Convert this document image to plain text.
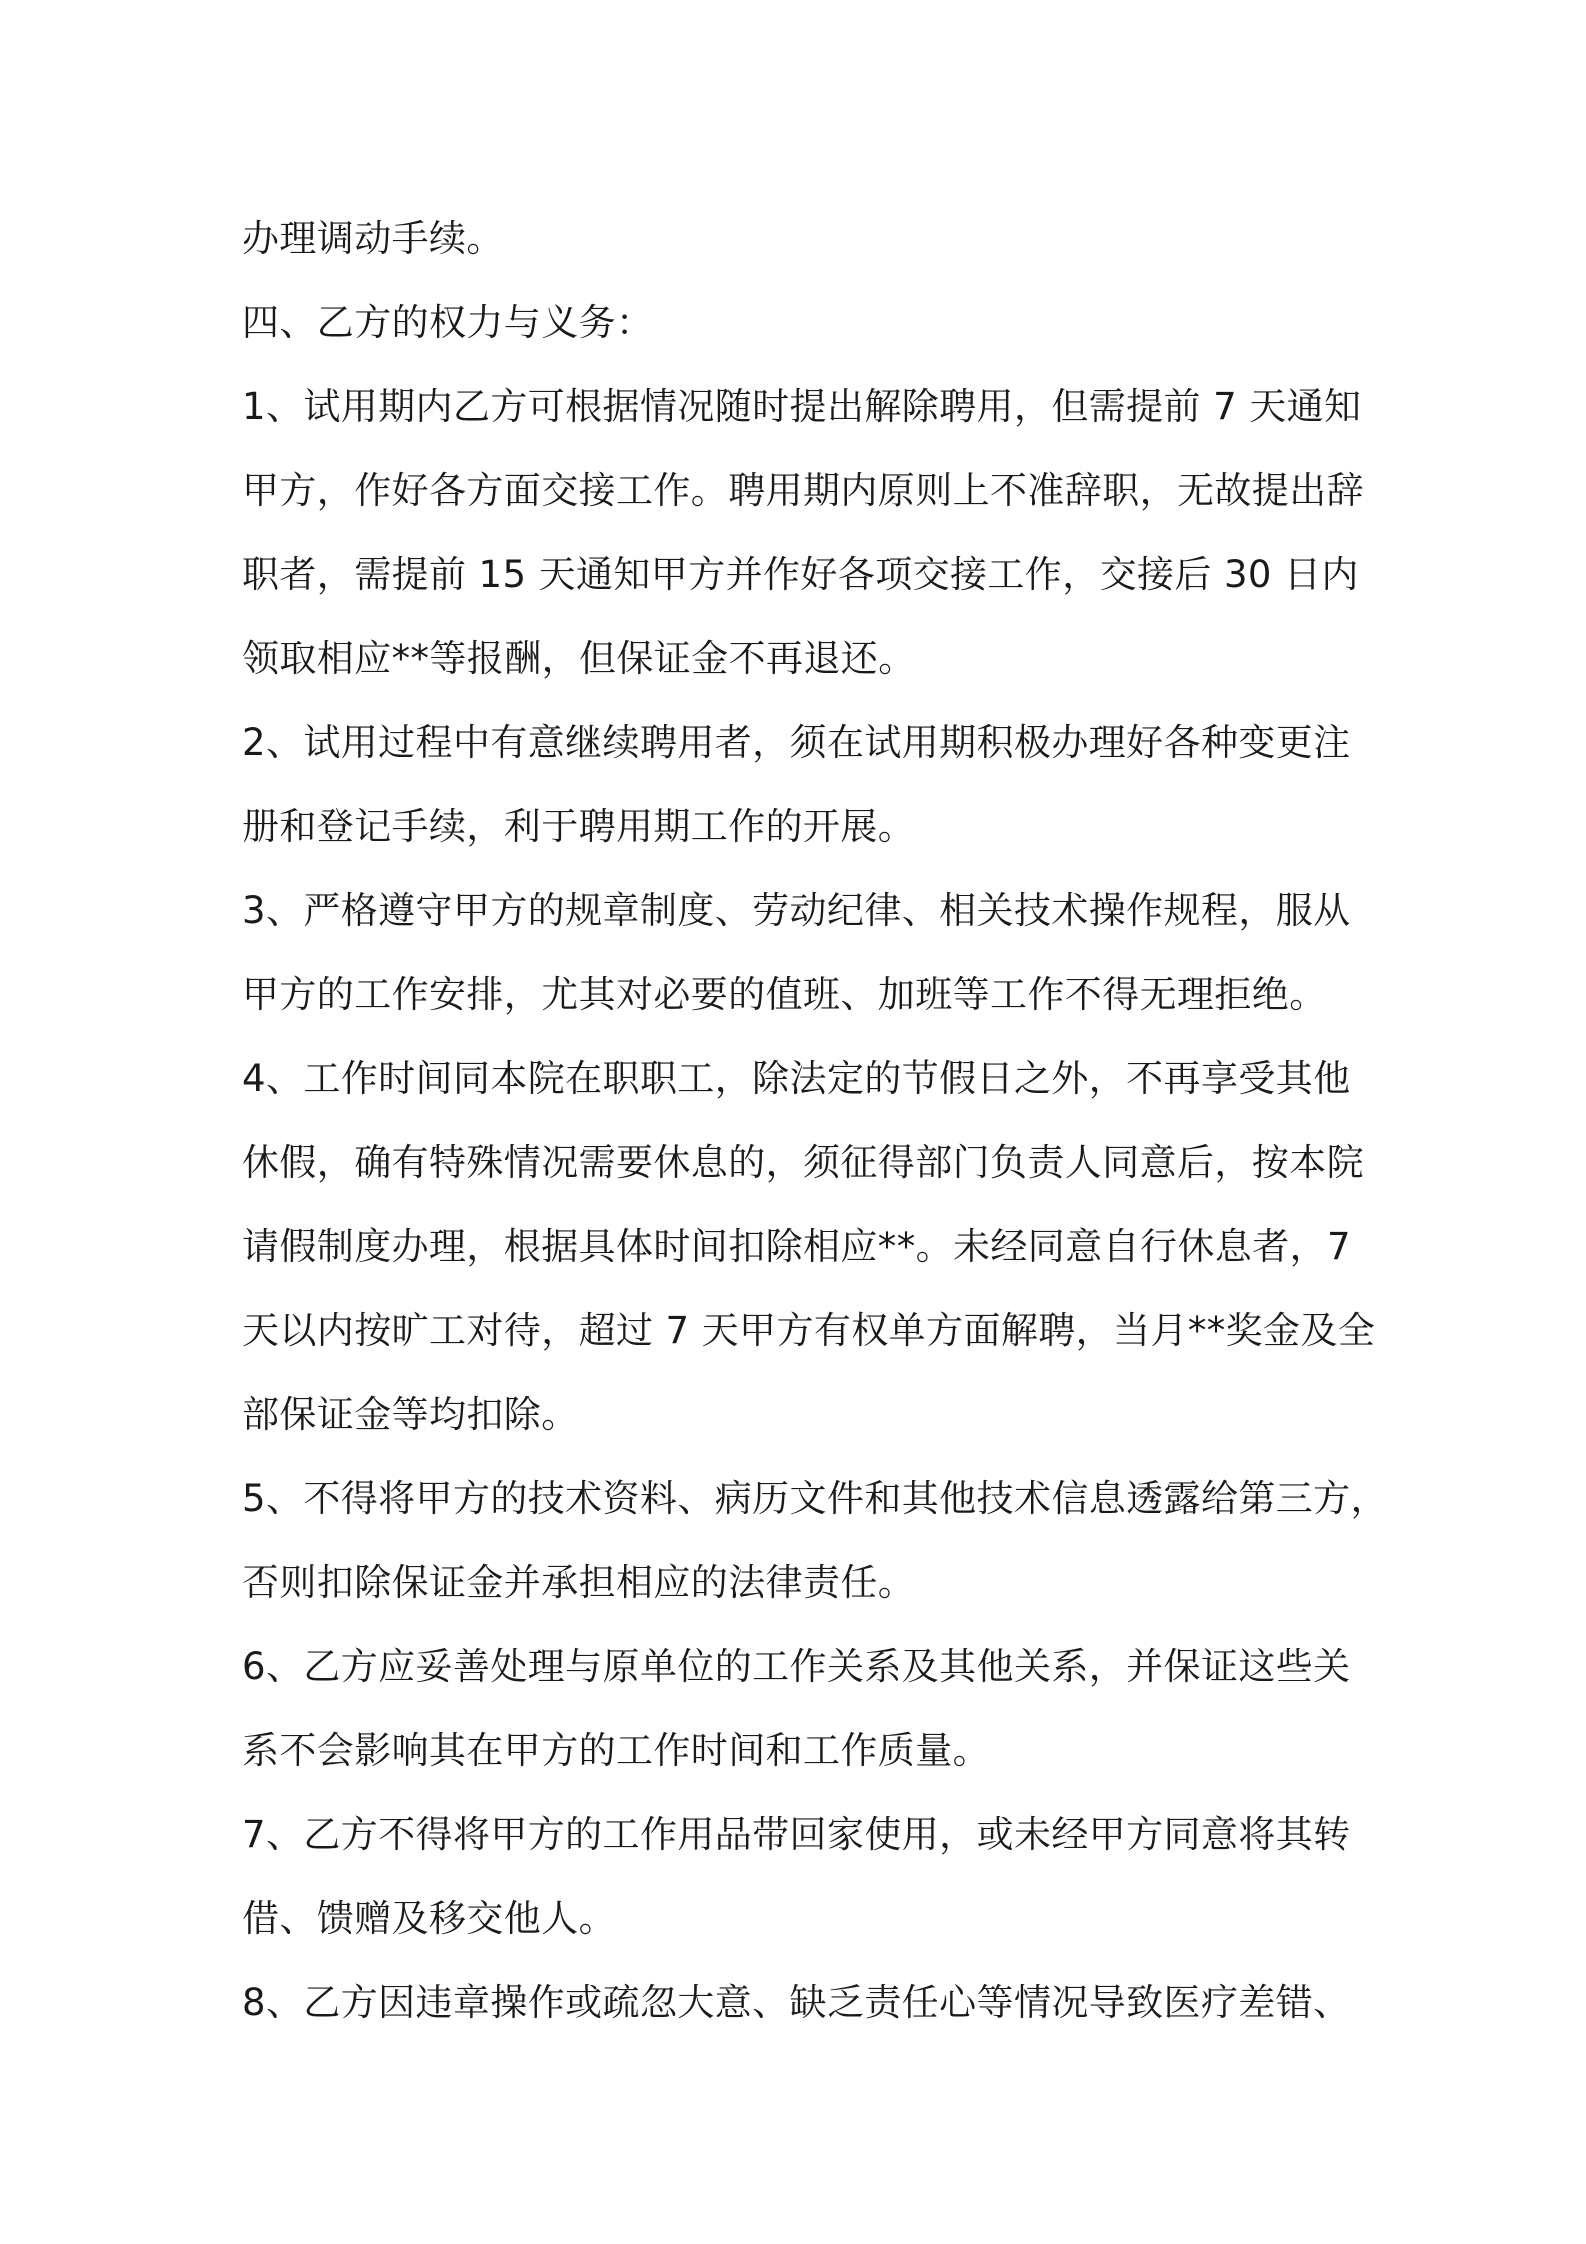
办理调动手续。
四、乙方的权力与义务：
1、试用期内乙方可根据情况随时提出解除聘用，但需提前 7 天通知
甲方，作好各方面交接工作。聘用期内原则上不准辞职，无故提出辞
职者，需提前 15 天通知甲方并作好各项交接工作，交接后 30 日内
领取相应**等报酬，但保证金不再退还。
2、试用过程中有意继续聘用者，须在试用期积极办理好各种变更注
册和登记手续，利于聘用期工作的开展。
3、严格遵守甲方的规章制度、劳动纪律、相关技术操作规程，服从
甲方的工作安排，尤其对必要的值班、加班等工作不得无理拒绝。
4、工作时间同本院在职职工，除法定的节假日之外，不再享受其他
休假，确有特殊情况需要休息的，须征得部门负责人同意后，按本院
请假制度办理，根据具体时间扣除相应**。未经同意自行休息者，7
天以内按旷工对待，超过 7 天甲方有权单方面解聘，当月**奖金及全
部保证金等均扣除。
5、不得将甲方的技术资料、病历文件和其他技术信息透露给第三方，
否则扣除保证金并承担相应的法律责任。
6、乙方应妥善处理与原单位的工作关系及其他关系，并保证这些关
系不会影响其在甲方的工作时间和工作质量。
7、乙方不得将甲方的工作用品带回家使用，或未经甲方同意将其转
借、馈赠及移交他人。
8、乙方因违章操作或疏忽大意、缺乏责任心等情况导致医疗差错、
